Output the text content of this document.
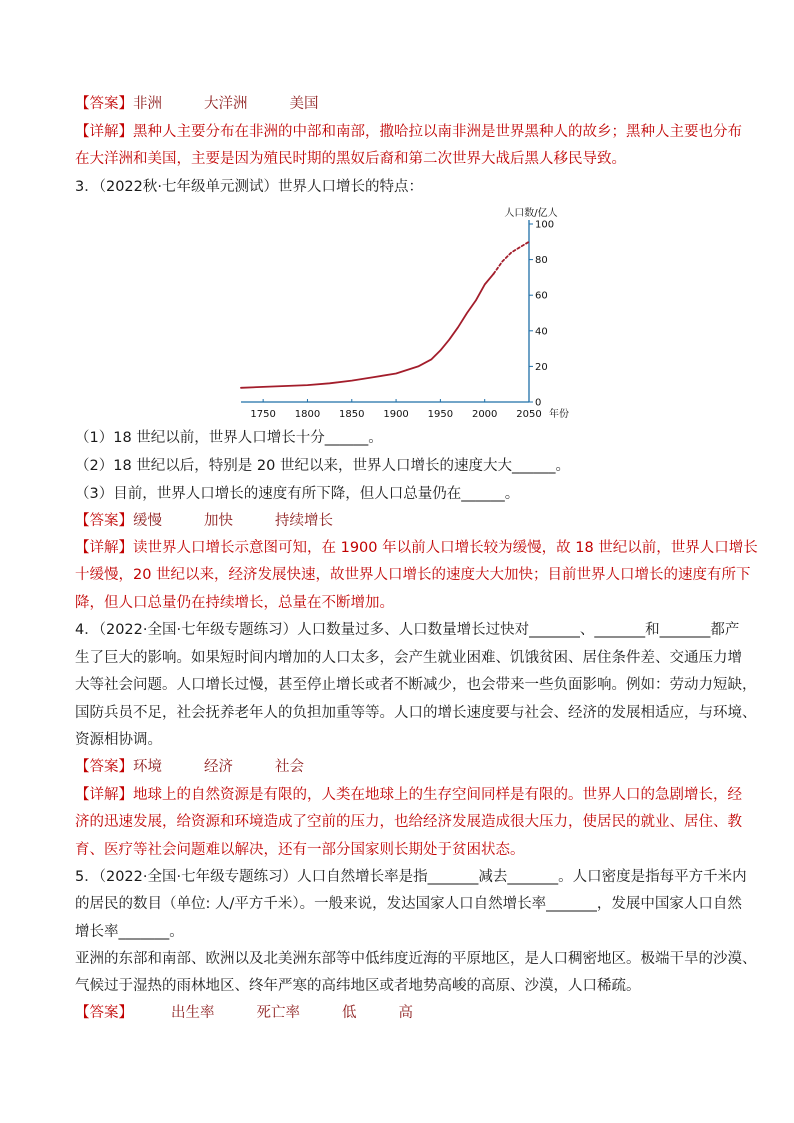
【答案】非洲	大洋洲	美国
【详解】黑种人主要分布在非洲的中部和南部，撒哈拉以南非洲是世界黑种人的故乡；黑种人主要也分布
在大洋洲和美国，主要是因为殖民时期的黑奴后裔和第二次世界大战后黑人移民导致。
3．（2022秋·七年级单元测试）世界人口增长的特点：
0
20
40
60
80
100
1750 1800 1850 1900 1950 2000 2050
人口数/亿人
年份
（1）18 世纪以前，世界人口增长十分______。
（2）18 世纪以后，特别是 20 世纪以来，世界人口增长的速度大大______。
（3）目前，世界人口增长的速度有所下降，但人口总量仍在______。
【答案】缓慢	加快	持续增长
【详解】读世界人口增长示意图可知，在 1900 年以前人口增长较为缓慢，故 18 世纪以前，世界人口增长
十缓慢，20 世纪以来，经济发展快速，故世界人口增长的速度大大加快；目前世界人口增长的速度有所下
降，但人口总量仍在持续增长，总量在不断增加。
4．（2022·全国·七年级专题练习）人口数量过多、人口数量增长过快对_______、_______和_______都产
生了巨大的影响。如果短时间内增加的人口太多，会产生就业困难、饥饿贫困、居住条件差、交通压力增
大等社会问题。人口增长过慢，甚至停止增长或者不断减少，也会带来一些负面影响。例如：劳动力短缺，
国防兵员不足，社会抚养老年人的负担加重等等。人口的增长速度要与社会、经济的发展相适应，与环境、
资源相协调。
【答案】环境	经济	社会
【详解】地球上的自然资源是有限的，人类在地球上的生存空间同样是有限的。世界人口的急剧增长，经
济的迅速发展，给资源和环境造成了空前的压力，也给经济发展造成很大压力，使居民的就业、居住、教
育、医疗等社会问题难以解决，还有一部分国家则长期处于贫困状态。
5．（2022·全国·七年级专题练习）人口自然增长率是指_______减去_______。人口密度是指每平方千米内
的居民的数目（单位: 人/平方千米）。一般来说，发达国家人口自然增长率_______，发展中国家人口自然
增长率_______。
亚洲的东部和南部、欧洲以及北美洲东部等中低纬度近海的平原地区，是人口稠密地区。极端干旱的沙漠、
气候过于湿热的雨林地区、终年严寒的高纬地区或者地势高峻的高原、沙漠，人口稀疏。
【答案】	出生率	死亡率	低	高
